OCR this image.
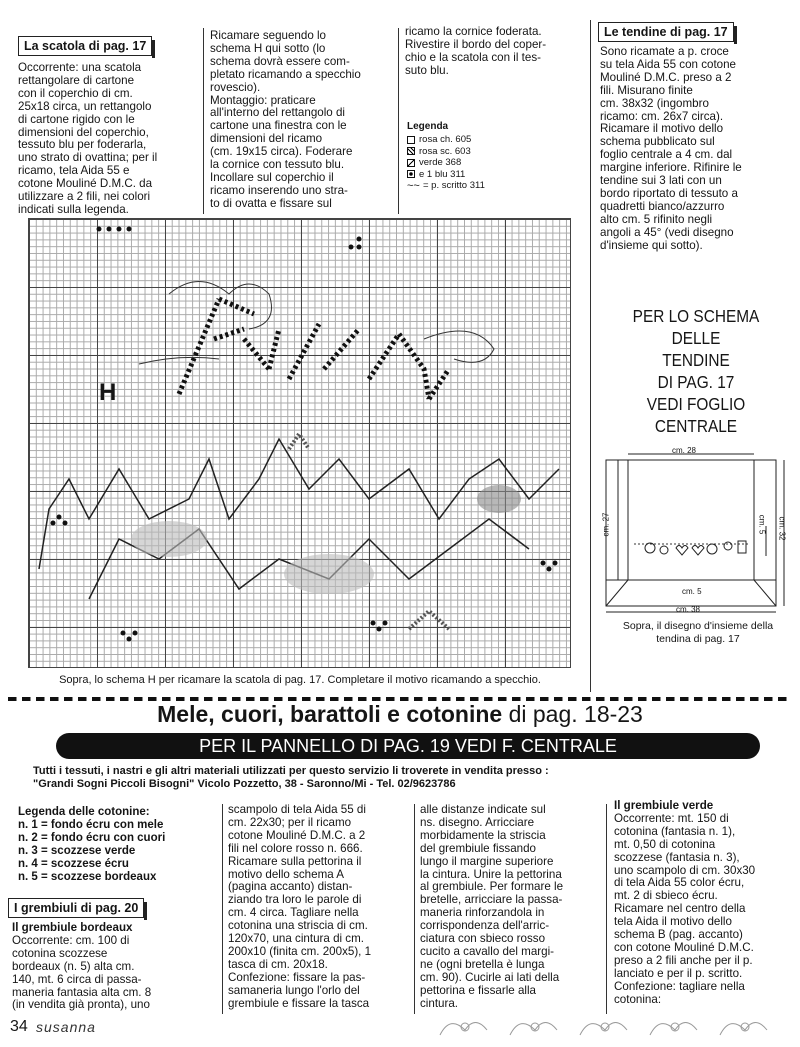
La scatola di pag. 17

Occorrente: una scatola

rettangolare di cartone

con il coperchio di cm.

25x18 circa, un rettangolo

di cartone rigido con le

dimensioni del coperchio,

tessuto blu per foderarla,

uno strato di ovattina; per il

ricamo, tela Aida 55 e

cotone Mouliné D.M.C. da

utilizzare a 2 fili, nei colori

indicati sulla legenda.

Ricamare seguendo lo

schema H qui sotto (lo

schema dovrà essere com-

pletato ricamando a specchio

rovescio).

Montaggio: praticare

all'interno del rettangolo di

cartone una finestra con le

dimensioni del ricamo

(cm. 19x15 circa). Foderare

la cornice con tessuto blu.

Incollare sul coperchio il

ricamo inserendo uno stra-

to di ovatta e fissare sul

ricamo la cornice foderata.

Rivestire il bordo del coper-

chio e la scatola con il tes-

suto blu.

Legenda
rosa ch. 605
rosa sc. 603
verde 368
e 1 blu 311
~~ = p. scritto 311
Le tendine di pag. 17

Sono ricamate a p. croce

su tela Aida 55 con cotone

Mouliné D.M.C. preso a 2

fili. Misurano finite

cm. 38x32 (ingombro

ricamo: cm. 26x7 circa).

Ricamare il motivo dello

schema pubblicato sul

foglio centrale a 4 cm. dal

margine inferiore. Rifinire le

tendine sui 3 lati con un

bordo riportato di tessuto a

quadretti bianco/azzurro

alto cm. 5 rifinito negli

angoli a 45° (vedi disegno

d'insieme qui sotto).

PER LO SCHEMA
DELLE
TENDINE
DI PAG. 17
VEDI FOGLIO
CENTRALE
cm. 28
cm. 27	cm. 5 cm. 32
cm. 5
cm. 38
Sopra, il disegno d'insieme della tendina di pag. 17
H
Sopra, lo schema H per ricamare la scatola di pag. 17. Completare il motivo ricamando a specchio.
Mele, cuori, barattoli e cotonine di pag. 18-23
PER IL PANNELLO DI PAG. 19 VEDI F. CENTRALE
Tutti i tessuti, i nastri e gli altri materiali utilizzati per questo servizio li troverete in vendita presso :
"Grandi Sogni Piccoli Bisogni" Vicolo Pozzetto, 38 - Saronno/Mi - Tel. 02/9623786
Legenda delle cotonine:
n. 1 = fondo écru con mele
n. 2 = fondo écru con cuori
n. 3 = scozzese verde
n. 4 = scozzese écru
n. 5 = scozzese bordeaux
I grembiuli di pag. 20

Il grembiule bordeaux

Occorrente: cm. 100 di

cotonina scozzese

bordeaux (n. 5) alta cm.

140, mt. 6 circa di passa-

maneria fantasia alta cm. 8

(in vendita già pronta), uno

scampolo di tela Aida 55 di

cm. 22x30; per il ricamo

cotone Mouliné D.M.C. a 2

fili nel colore rosso n. 666.

Ricamare sulla pettorina il

motivo dello schema A

(pagina accanto) distan-

ziando tra loro le parole di

cm. 4 circa. Tagliare nella

cotonina una striscia di cm.

120x70, una cintura di cm.

200x10 (finita cm. 200x5), 1

tasca di cm. 20x18.

Confezione: fissare la pas-

samaneria lungo l'orlo del

grembiule e fissare la tasca

alle distanze indicate sul

ns. disegno. Arricciare

morbidamente la striscia

del grembiule fissando

lungo il margine superiore

la cintura. Unire la pettorina

al grembiule. Per formare le

bretelle, arricciare la passa-

maneria rinforzandola in

corrispondenza dell'arric-

ciatura con sbieco rosso

cucito a cavallo del margi-

ne (ogni bretella è lunga

cm. 90). Cucirle ai lati della

pettorina e fissarle alla

cintura.

Il grembiule verde

Occorrente: mt. 150 di

cotonina (fantasia n. 1),

mt. 0,50 di cotonina

scozzese (fantasia n. 3),

uno scampolo di cm. 30x30

di tela Aida 55 color écru,

mt. 2 di sbieco écru.

Ricamare nel centro della

tela Aida il motivo dello

schema B (pag. accanto)

con cotone Mouliné D.M.C.

preso a 2 fili anche per il p.

lanciato e per il p. scritto.

Confezione: tagliare nella

cotonina:

34 susanna
